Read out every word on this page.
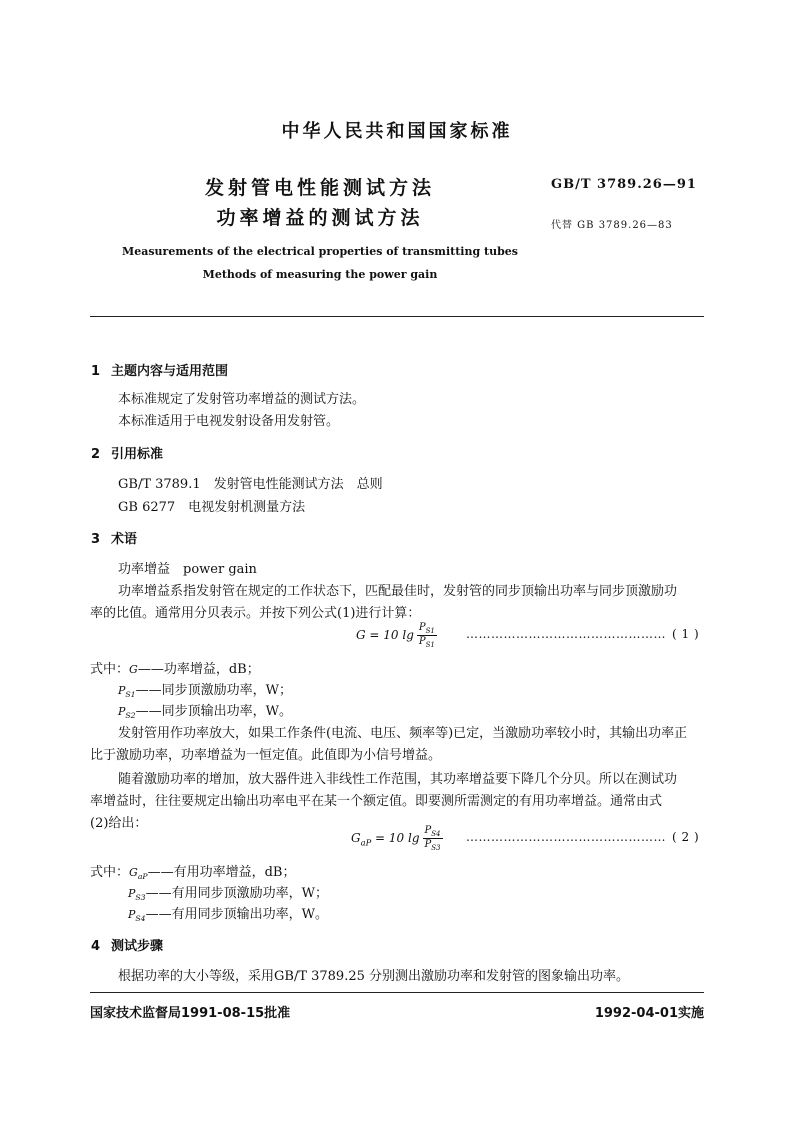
中华人民共和国国家标准
发射管电性能测试方法
功率增益的测试方法
GB/T 3789.26—91
代替 GB 3789.26—83
Measurements of the electrical properties of transmitting tubes
Methods of measuring the power gain
1 主题内容与适用范围
本标准规定了发射管功率增益的测试方法。
本标准适用于电视发射设备用发射管。
2 引用标准
GB/T 3789.1　发射管电性能测试方法　总则
GB 6277　电视发射机测量方法
3 术语
功率增益　power gain
功率增益系指发射管在规定的工作状态下，匹配最佳时，发射管的同步顶输出功率与同步顶激励功
率的比值。通常用分贝表示。并按下列公式(1)进行计算：
G = 10 $\lg \frac{P_{S1}}{P_{S1}}$ ………………………………………… ( 1 )
式中：G——功率增益，dB；
$P_{S1}——$同步顶激励功率，W；
$P_{S2}——$同步顶输出功率，W。
发射管用作功率放大，如果工作条件(电流、电压、频率等)已定，当激励功率较小时，其输出功率正
比于激励功率，功率增益为一恒定值。此值即为小信号增益。
随着激励功率的增加，放大器件进入非线性工作范围，其功率增益要下降几个分贝。所以在测试功
率增益时，往往要规定出输出功率电平在某一个额定值。即要测所需测定的有用功率增益。通常由式
(2)给出：
$G_{aP} = 10$ $\lg \frac{P_{S4}}{P_{S3}}$ ………………………………………… ( 2 )
式中：$G_{aP}——$有用功率增益，dB；
$P_{S3}——$有用同步顶激励功率，W；
$P_{S4}——$有用同步顶输出功率，W。
4 测试步骤
根据功率的大小等级，采用GB/T 3789.25 分别测出激励功率和发射管的图象输出功率。
国家技术监督局1991-08-15批准	1992-04-01实施
